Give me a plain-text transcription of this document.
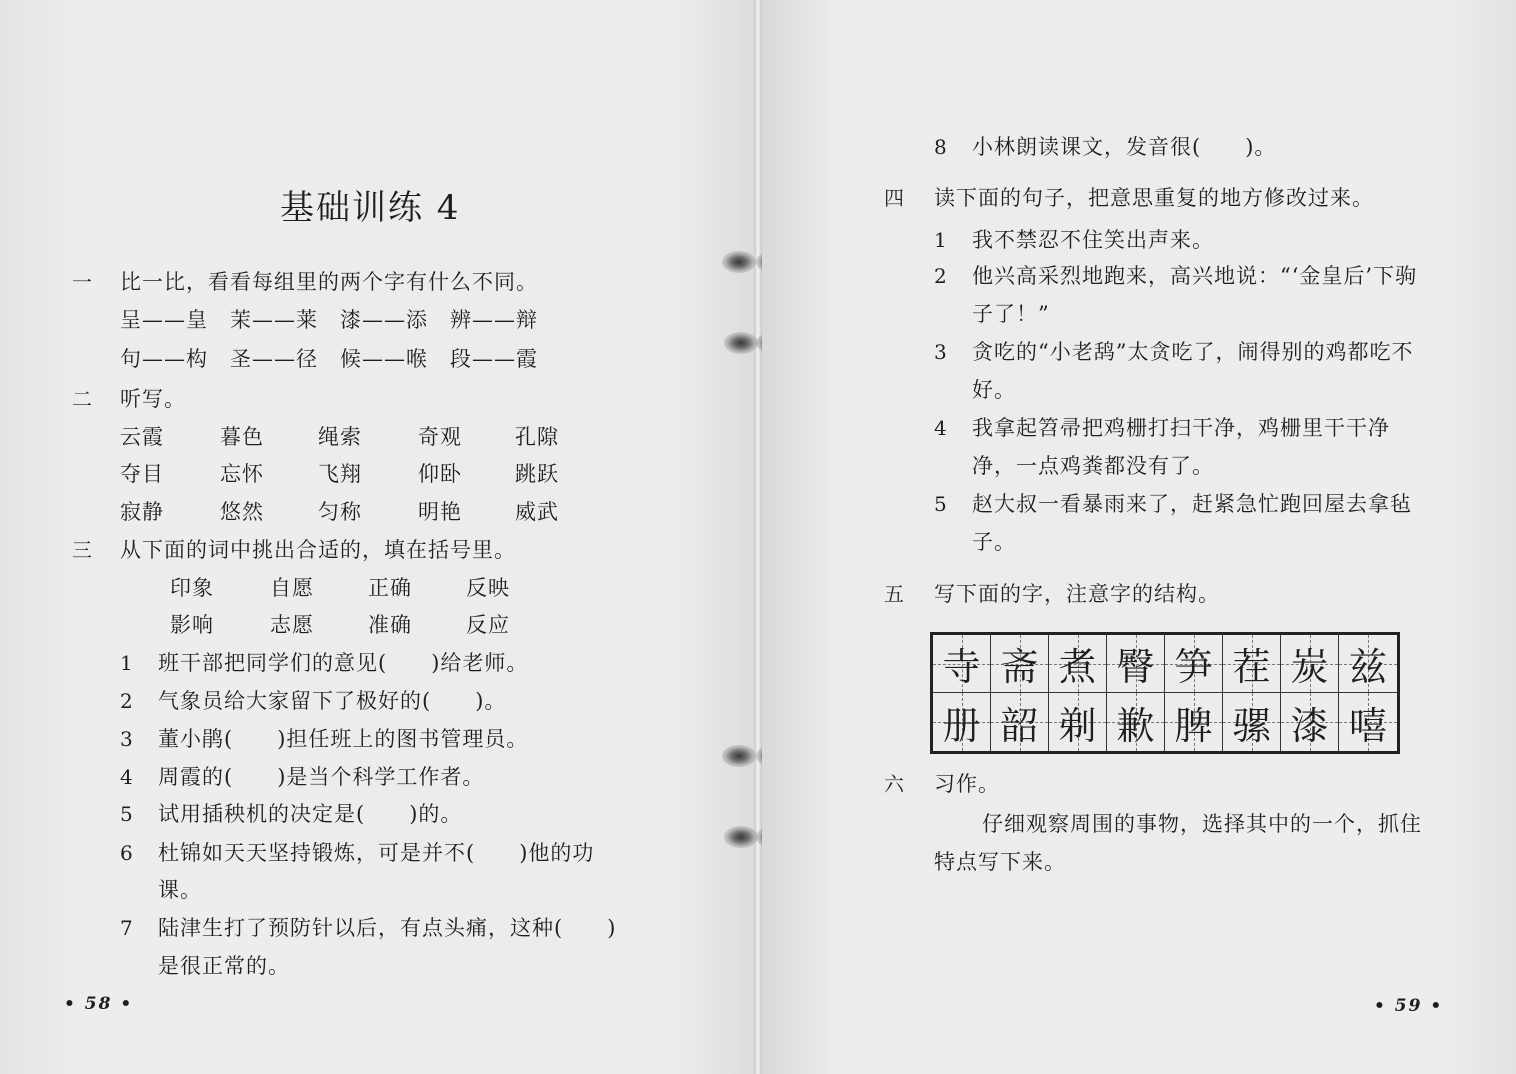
基础训练 4
一 比一比，看看每组里的两个字有什么不同。
呈——皇　茉——莱　漆——添　辨——辩
句——构　圣——径　候——喉　段——霞
二 听写。
云霞	暮色	绳索	奇观	孔隙
夺目	忘怀	飞翔	仰卧	跳跃
寂静	悠然	匀称	明艳	威武
三 从下面的词中挑出合适的，填在括号里。
印象	自愿	正确	反映
影响	志愿	准确	反应
1 班干部把同学们的意见(　　)给老师。
2 气象员给大家留下了极好的(　　)。
3 董小鹃(　　)担任班上的图书管理员。
4 周霞的(　　)是当个科学工作者。
5 试用插秧机的决定是(　　)的。
6 杜锦如天天坚持锻炼，可是并不(　　)他的功
课。
7 陆津生打了预防针以后，有点头痛，这种(　　)
是很正常的。
• 58 •
8 小林朗读课文，发音很(　　)。
四 读下面的句子，把意思重复的地方修改过来。
1 我不禁忍不住笑出声来。
2 他兴高采烈地跑来，高兴地说：“‘金皇后’下驹
子了！”
3 贪吃的“小老鸹”太贪吃了，闹得别的鸡都吃不
好。
4 我拿起笤帚把鸡栅打扫干净，鸡栅里干干净
净，一点鸡粪都没有了。
5 赵大叔一看暴雨来了，赶紧急忙跑回屋去拿毡
子。
五 写下面的字，注意字的结构。
六 习作。
仔细观察周围的事物，选择其中的一个，抓住
特点写下来。
• 59 •
寺 斋 煮 臀 笋 茬 炭 兹
册 韶 剃 歉 脾 骡 漆 嘻
